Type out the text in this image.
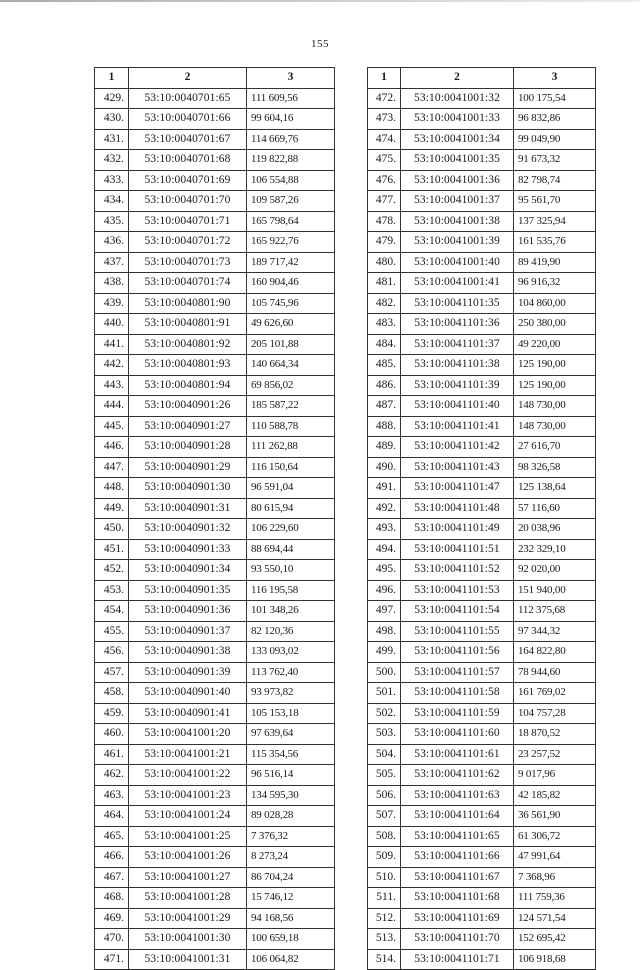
155
1	2	3
429.	53:10:0040701:65	111 609,56
430.	53:10:0040701:66	99 604,16
431.	53:10:0040701:67	114 669,76
432.	53:10:0040701:68	119 822,88
433.	53:10:0040701:69	106 554,88
434.	53:10:0040701:70	109 587,26
435.	53:10:0040701:71	165 798,64
436.	53:10:0040701:72	165 922,76
437.	53:10:0040701:73	189 717,42
438.	53:10:0040701:74	160 904,46
439.	53:10:0040801:90	105 745,96
440.	53:10:0040801:91	49 626,60
441.	53:10:0040801:92	205 101,88
442.	53:10:0040801:93	140 664,34
443.	53:10:0040801:94	69 856,02
444.	53:10:0040901:26	185 587,22
445.	53:10:0040901:27	110 588,78
446.	53:10:0040901:28	111 262,88
447.	53:10:0040901:29	116 150,64
448.	53:10:0040901:30	96 591,04
449.	53:10:0040901:31	80 615,94
450.	53:10:0040901:32	106 229,60
451.	53:10:0040901:33	88 694,44
452.	53:10:0040901:34	93 550,10
453.	53:10:0040901:35	116 195,58
454.	53:10:0040901:36	101 348,26
455.	53:10:0040901:37	82 120,36
456.	53:10:0040901:38	133 093,02
457.	53:10:0040901:39	113 762,40
458.	53:10:0040901:40	93 973,82
459.	53:10:0040901:41	105 153,18
460.	53:10:0041001:20	97 639,64
461.	53:10:0041001:21	115 354,56
462.	53:10:0041001:22	96 516,14
463.	53:10:0041001:23	134 595,30
464.	53:10:0041001:24	89 028,28
465.	53:10:0041001:25	7 376,32
466.	53:10:0041001:26	8 273,24
467.	53:10:0041001:27	86 704,24
468.	53:10:0041001:28	15 746,12
469.	53:10:0041001:29	94 168,56
470.	53:10:0041001:30	100 659,18
471.	53:10:0041001:31	106 064,82
1	2	3
472.	53:10:0041001:32	100 175,54
473.	53:10:0041001:33	96 832,86
474.	53:10:0041001:34	99 049,90
475.	53:10:0041001:35	91 673,32
476.	53:10:0041001:36	82 798,74
477.	53:10:0041001:37	95 561,70
478.	53:10:0041001:38	137 325,94
479.	53:10:0041001:39	161 535,76
480.	53:10:0041001:40	89 419,90
481.	53:10:0041001:41	96 916,32
482.	53:10:0041101:35	104 860,00
483.	53:10:0041101:36	250 380,00
484.	53:10:0041101:37	49 220,00
485.	53:10:0041101:38	125 190,00
486.	53:10:0041101:39	125 190,00
487.	53:10:0041101:40	148 730,00
488.	53:10:0041101:41	148 730,00
489.	53:10:0041101:42	27 616,70
490.	53:10:0041101:43	98 326,58
491.	53:10:0041101:47	125 138,64
492.	53:10:0041101:48	57 116,60
493.	53:10:0041101:49	20 038,96
494.	53:10:0041101:51	232 329,10
495.	53:10:0041101:52	92 020,00
496.	53:10:0041101:53	151 940,00
497.	53:10:0041101:54	112 375,68
498.	53:10:0041101:55	97 344,32
499.	53:10:0041101:56	164 822,80
500.	53:10:0041101:57	78 944,60
501.	53:10:0041101:58	161 769,02
502.	53:10:0041101:59	104 757,28
503.	53:10:0041101:60	18 870,52
504.	53:10:0041101:61	23 257,52
505.	53:10:0041101:62	9 017,96
506.	53:10:0041101:63	42 185,82
507.	53:10:0041101:64	36 561,90
508.	53:10:0041101:65	61 306,72
509.	53:10:0041101:66	47 991,64
510.	53:10:0041101:67	7 368,96
511.	53:10:0041101:68	111 759,36
512.	53:10:0041101:69	124 571,54
513.	53:10:0041101:70	152 695,42
514.	53:10:0041101:71	106 918,68
